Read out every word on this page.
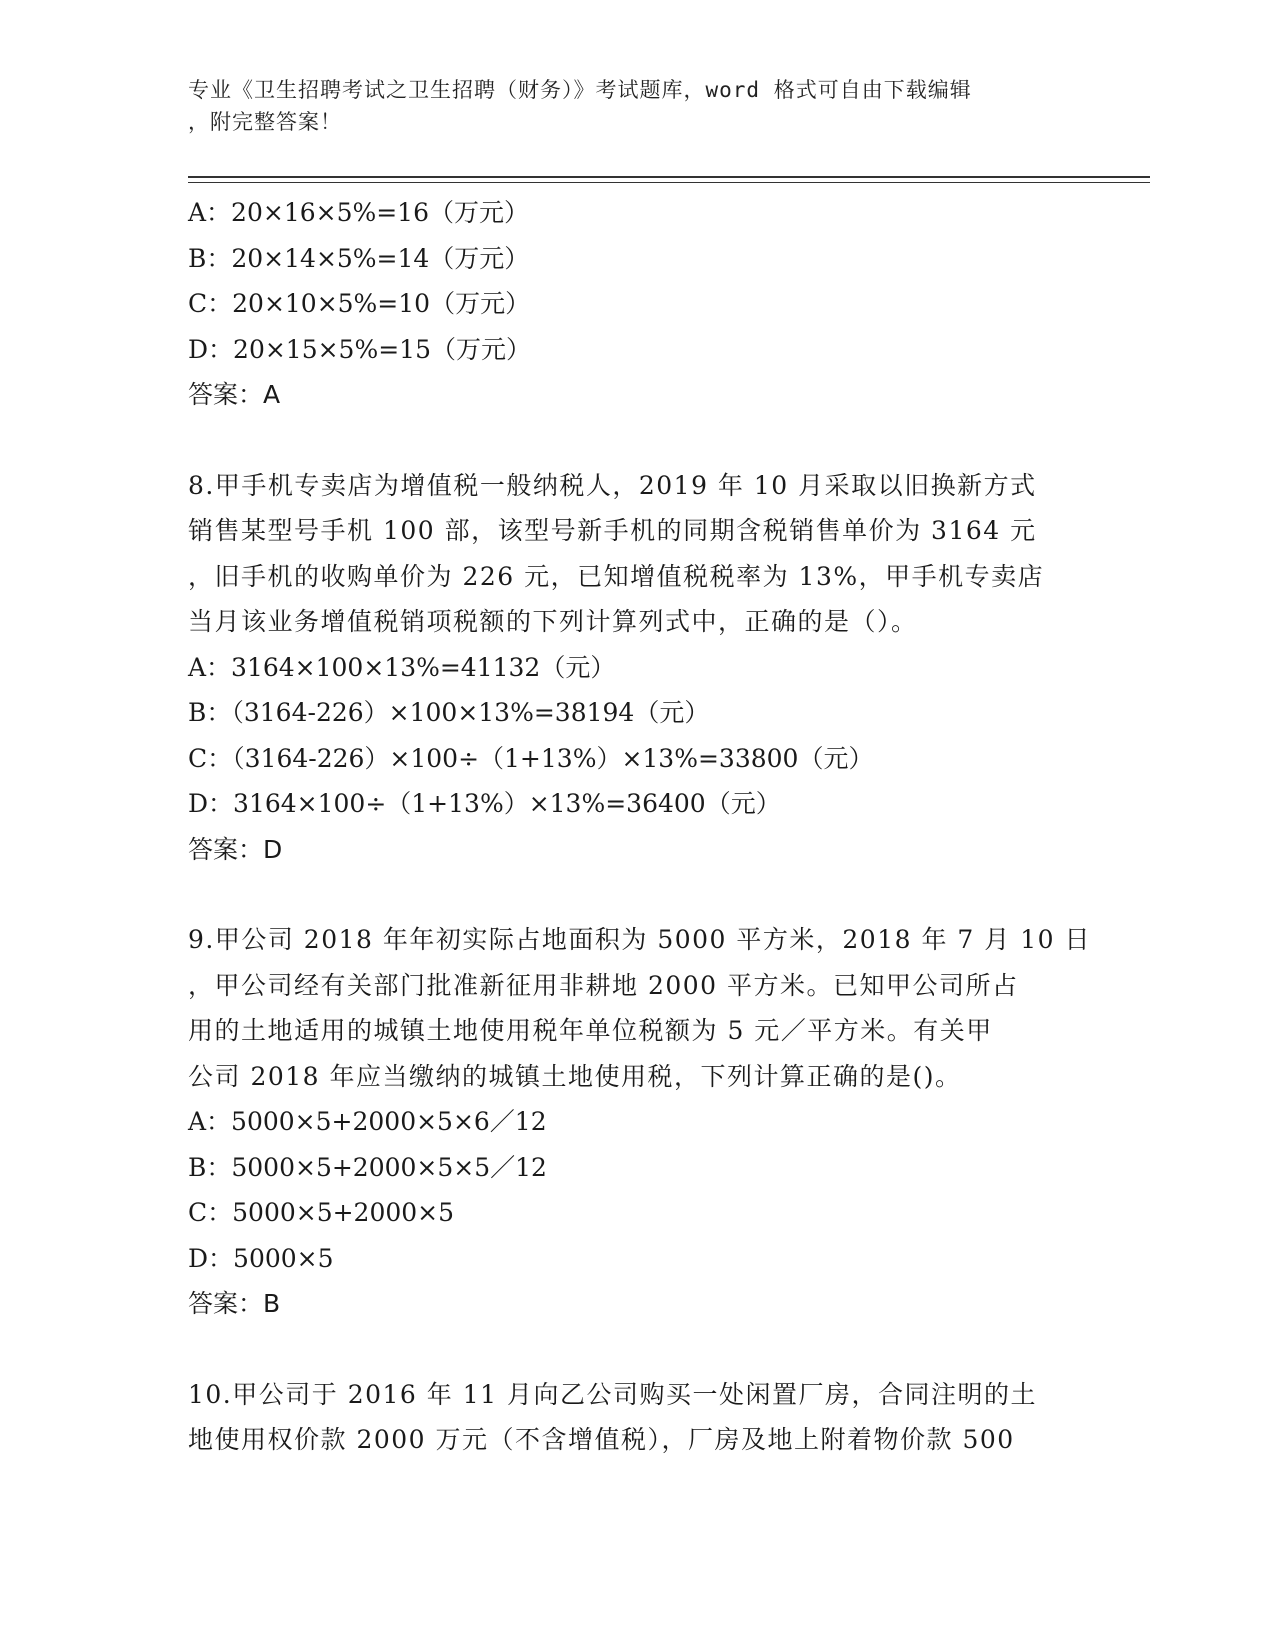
专业《卫生招聘考试之卫生招聘（财务）》考试题库，word 格式可自由下载编辑
，附完整答案！
A：20×16×5%=16（万元）
B：20×14×5%=14（万元）
C：20×10×5%=10（万元）
D：20×15×5%=15（万元）
答案：A
8.甲手机专卖店为增值税一般纳税人，2019 年 10 月采取以旧换新方式
销售某型号手机 100 部，该型号新手机的同期含税销售单价为 3164 元
，旧手机的收购单价为 226 元，已知增值税税率为 13%，甲手机专卖店
当月该业务增值税销项税额的下列计算列式中，正确的是（）。
A：3164×100×13%=41132（元）
B：（3164-226）×100×13%=38194（元）
C：（3164-226）×100÷（1+13%）×13%=33800（元）
D：3164×100÷（1+13%）×13%=36400（元）
答案：D
9.甲公司 2018 年年初实际占地面积为 5000 平方米，2018 年 7 月 10 日
，甲公司经有关部门批准新征用非耕地 2000 平方米。已知甲公司所占
用的土地适用的城镇土地使用税年单位税额为 5 元／平方米。有关甲
公司 2018 年应当缴纳的城镇土地使用税，下列计算正确的是()。
A：5000×5+2000×5×6／12
B：5000×5+2000×5×5／12
C：5000×5+2000×5
D：5000×5
答案：B
10.甲公司于 2016 年 11 月向乙公司购买一处闲置厂房，合同注明的土
地使用权价款 2000 万元（不含增值税），厂房及地上附着物价款 500
